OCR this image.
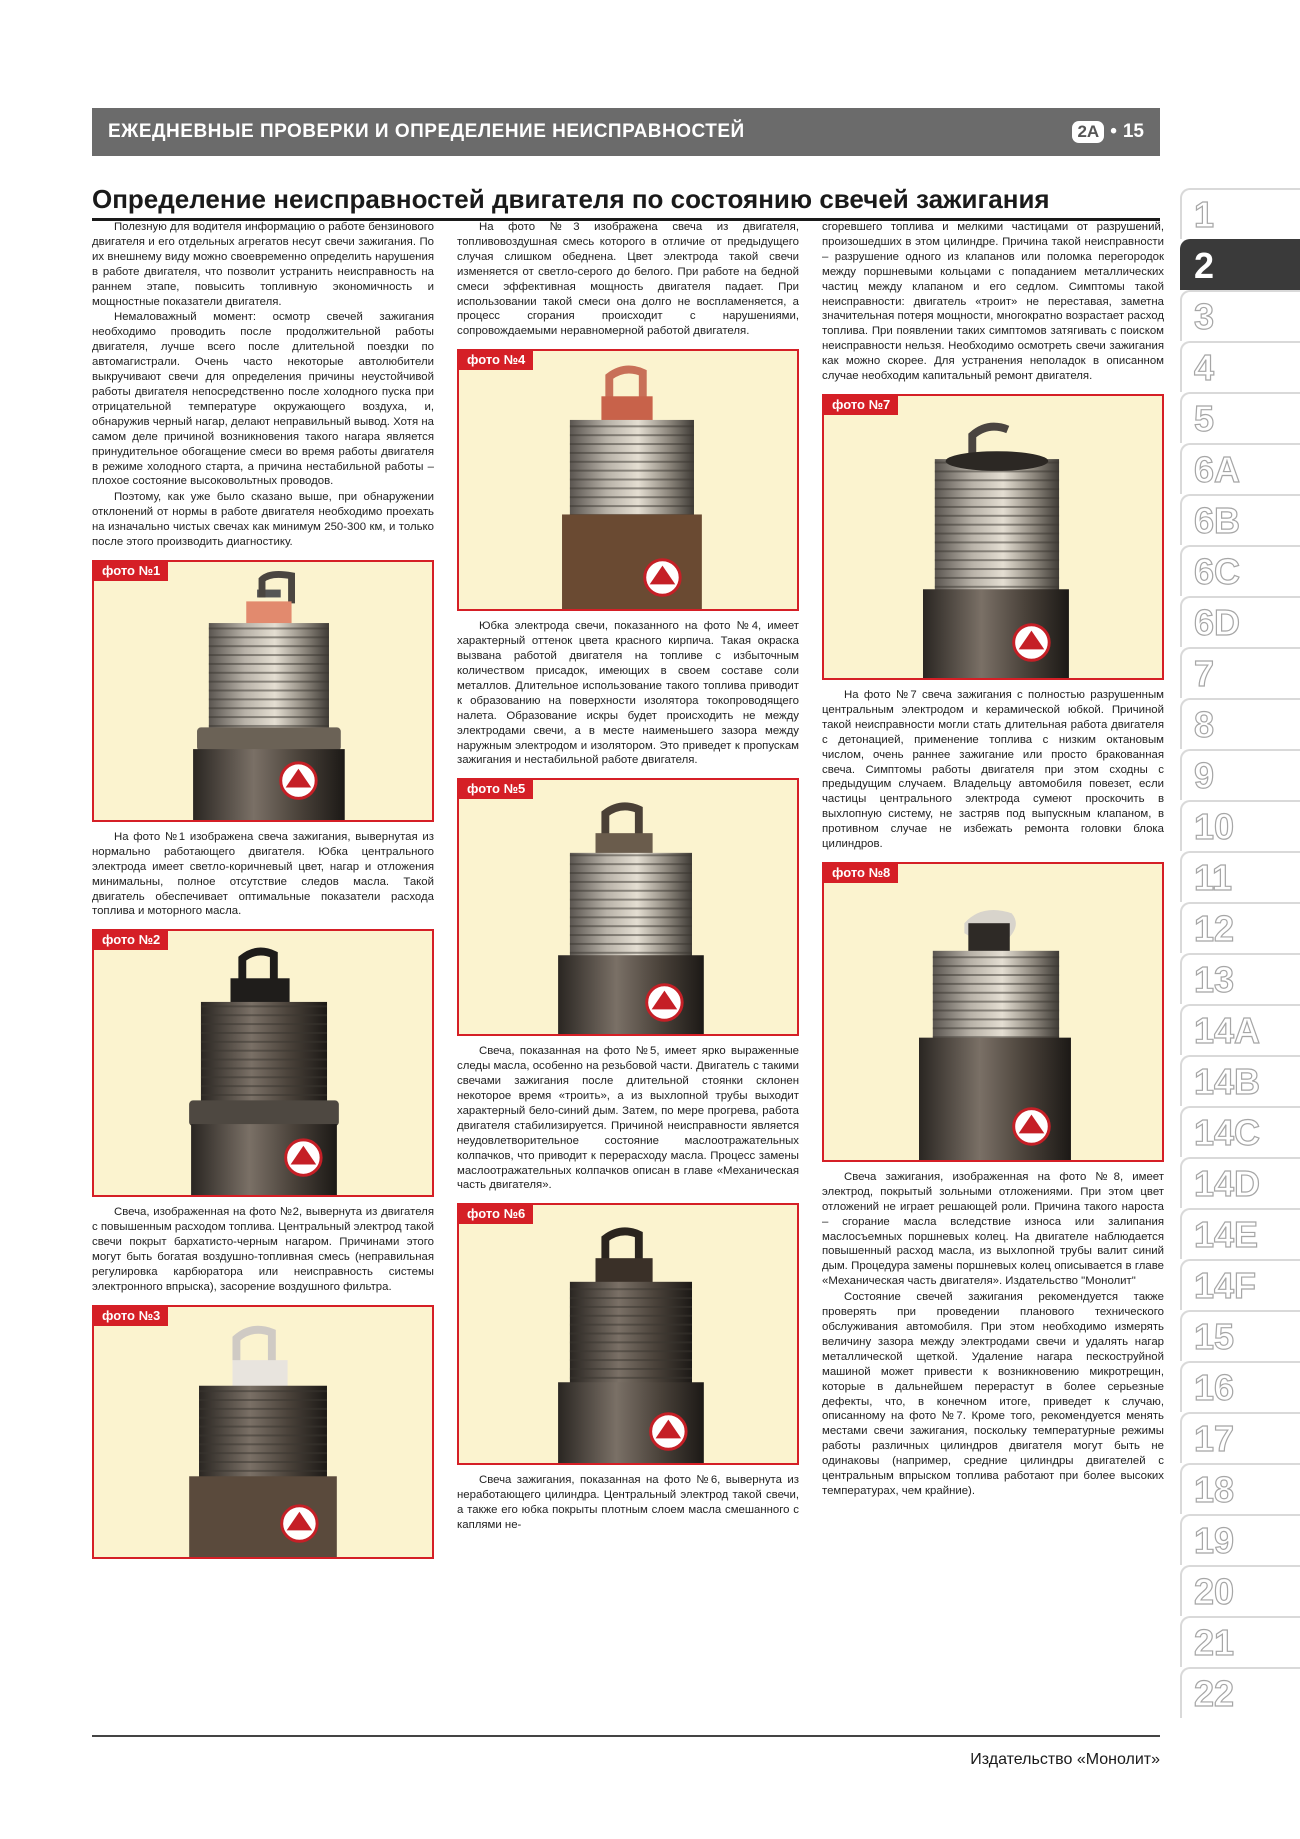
ЕЖЕДНЕВНЫЕ ПРОВЕРКИ И ОПРЕДЕЛЕНИЕ НЕИСПРАВНОСТЕЙ	2A • 15
Определение неисправностей двигателя по состоянию свечей зажигания

Полезную для водителя информацию о работе бензинового двигателя и его отдельных агрегатов несут свечи зажигания. По их внешнему виду можно своевременно определить нарушения в работе двигателя, что позволит устранить неисправность на раннем этапе, повысить топливную экономичность и мощностные показатели двигателя.

Немаловажный момент: осмотр свечей зажигания необходимо проводить после продолжительной работы двигателя, лучше всего после длительной поездки по автомагистрали. Очень часто некоторые автолюбители выкручивают свечи для определения причины неустойчивой работы двигателя непосредственно после холодного пуска при отрицательной температуре окружающего воздуха, и, обнаружив черный нагар, делают неправильный вывод. Хотя на самом деле причиной возникновения такого нагара является принудительное обогащение смеси во время работы двигателя в режиме холодного старта, а причина нестабильной работы – плохое состояние высоковольтных проводов.

Поэтому, как уже было сказано выше, при обнаружении отклонений от нормы в работе двигателя необходимо проехать на изначально чистых свечах как минимум 250-300 км, и только после этого производить диагностику.

фото №1

На фото №1 изображена свеча зажигания, вывернутая из нормально работающего двигателя. Юбка центрального электрода имеет светло-коричневый цвет, нагар и отложения минимальны, полное отсутствие следов масла. Такой двигатель обеспечивает оптимальные показатели расхода топлива и моторного масла.

фото №2

Свеча, изображенная на фото №2, вывернута из двигателя с повышенным расходом топлива. Центральный электрод такой свечи покрыт бархатисто-черным нагаром. Причинами этого могут быть богатая воздушно-топливная смесь (неправильная регулировка карбюратора или неисправность системы электронного впрыска), засорение воздушного фильтра.

фото №3

На фото №3 изображена свеча из двигателя, топливовоздушная смесь которого в отличие от предыдущего случая слишком обеднена. Цвет электрода такой свечи изменяется от светло-серого до белого. При работе на бедной смеси эффективная мощность двигателя падает. При использовании такой смеси она долго не воспламеняется, а процесс сгорания происходит с нарушениями, сопровождаемыми неравномерной работой двигателя.

фото №4

Юбка электрода свечи, показанного на фото №4, имеет характерный оттенок цвета красного кирпича. Такая окраска вызвана работой двигателя на топливе с избыточным количеством присадок, имеющих в своем составе соли металлов. Длительное использование такого топлива приводит к образованию на поверхности изолятора токопроводящего налета. Образование искры будет происходить не между электродами свечи, а в месте наименьшего зазора между наружным электродом и изолятором. Это приведет к пропускам зажигания и нестабильной работе двигателя.

фото №5

Свеча, показанная на фото №5, имеет ярко выраженные следы масла, особенно на резьбовой части. Двигатель с такими свечами зажигания после длительной стоянки склонен некоторое время «троить», а из выхлопной трубы выходит характерный бело-синий дым. Затем, по мере прогрева, работа двигателя стабилизируется. Причиной неисправности является неудовлетворительное состояние маслоотражательных колпачков, что приводит к перерасходу масла. Процесс замены маслоотражательных колпачков описан в главе «Механическая часть двигателя».

фото №6

Свеча зажигания, показанная на фото №6, вывернута из неработающего цилиндра. Центральный электрод такой свечи, а также его юбка покрыты плотным слоем масла смешанного с каплями не-

сгоревшего топлива и мелкими частицами от разрушений, произошедших в этом цилиндре. Причина такой неисправности – разрушение одного из клапанов или поломка перегородок между поршневыми кольцами с попаданием металлических частиц между клапаном и его седлом. Симптомы такой неисправности: двигатель «троит» не переставая, заметна значительная потеря мощности, многократно возрастает расход топлива. При появлении таких симптомов затягивать с поиском неисправности нельзя. Необходимо осмотреть свечи зажигания как можно скорее. Для устранения неполадок в описанном случае необходим капитальный ремонт двигателя.

фото №7

На фото №7 свеча зажигания с полностью разрушенным центральным электродом и керамической юбкой. Причиной такой неисправности могли стать длительная работа двигателя с детонацией, применение топлива с низким октановым числом, очень раннее зажигание или просто бракованная свеча. Симптомы работы двигателя при этом сходны с предыдущим случаем. Владельцу автомобиля повезет, если частицы центрального электрода сумеют проскочить в выхлопную систему, не застряв под выпускным клапаном, в противном случае не избежать ремонта головки блока цилиндров.

фото №8

Свеча зажигания, изображенная на фото №8, имеет электрод, покрытый зольными отложениями. При этом цвет отложений не играет решающей роли. Причина такого нароста – сгорание масла вследствие износа или залипания маслосъемных поршневых колец. На двигателе наблюдается повышенный расход масла, из выхлопной трубы валит синий дым. Процедура замены поршневых колец описывается в главе «Механическая часть двигателя». Издательство "Монолит"

Состояние свечей зажигания рекомендуется также проверять при проведении планового технического обслуживания автомобиля. При этом необходимо измерять величину зазора между электродами свечи и удалять нагар металлической щеткой. Удаление нагара пескоструйной машиной может привести к возникновению микротрещин, которые в дальнейшем перерастут в более серьезные дефекты, что, в конечном итоге, приведет к случаю, описанному на фото №7. Кроме того, рекомендуется менять местами свечи зажигания, поскольку температурные режимы работы различных цилиндров двигателя могут быть не одинаковы (например, средние цилиндры двигателей с центральным впрыском топлива работают при более высоких температурах, чем крайние).

1
2
3
4
5
6A
6B
6C
6D
7
8
9
10
11
12
13
14A
14B
14C
14D
14E
14F
15
16
17
18
19
20
21
22
Издательство «Монолит»
